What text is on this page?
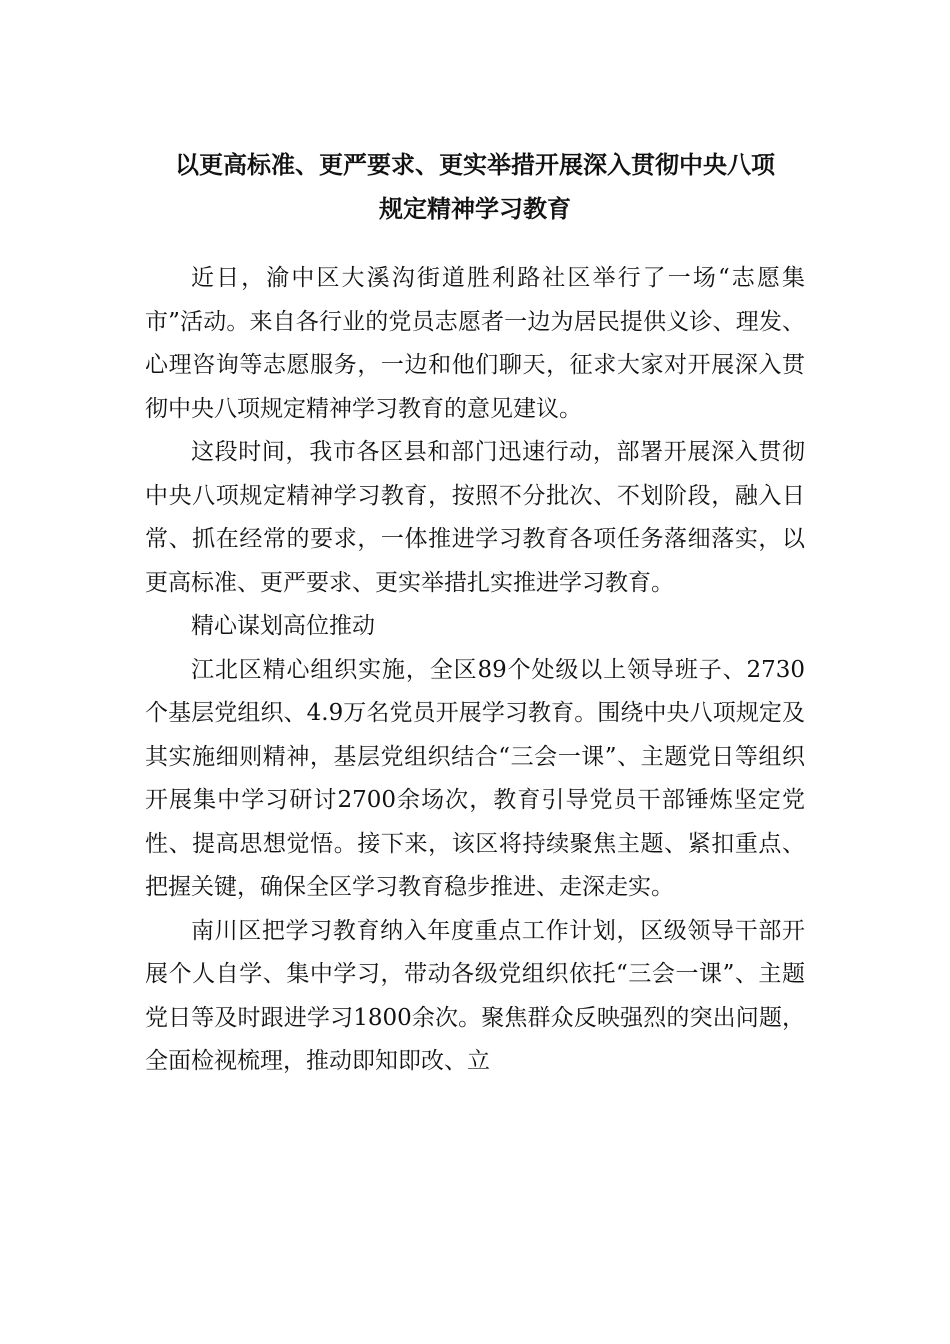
以更高标准、更严要求、更实举措开展深入贯彻中央八项
规定精神学习教育

近日，渝中区大溪沟街道胜利路社区举行了一场“志愿集市”活动。来自各行业的党员志愿者一边为居民提供义诊、理发、心理咨询等志愿服务，一边和他们聊天，征求大家对开展深入贯彻中央八项规定精神学习教育的意见建议。

这段时间，我市各区县和部门迅速行动，部署开展深入贯彻中央八项规定精神学习教育，按照不分批次、不划阶段，融入日常、抓在经常的要求，一体推进学习教育各项任务落细落实，以更高标准、更严要求、更实举措扎实推进学习教育。

精心谋划高位推动

江北区精心组织实施，全区89个处级以上领导班子、2730个基层党组织、4.9万名党员开展学习教育。围绕中央八项规定及其实施细则精神，基层党组织结合“三会一课”、主题党日等组织开展集中学习研讨2700余场次，教育引导党员干部锤炼坚定党性、提高思想觉悟。接下来，该区将持续聚焦主题、紧扣重点、把握关键，确保全区学习教育稳步推进、走深走实。

南川区把学习教育纳入年度重点工作计划，区级领导干部开展个人自学、集中学习，带动各级党组织依托“三会一课”、主题党日等及时跟进学习1800余次。聚焦群众反映强烈的突出问题，全面检视梳理，推动即知即改、立
